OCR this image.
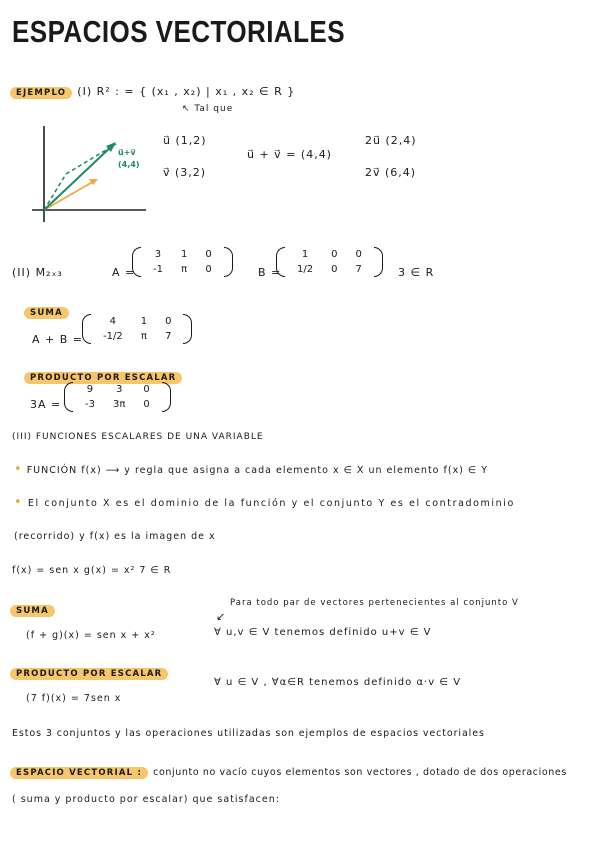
ESPACIOS VECTORIALES
EJEMPLO (I) R² : = { (x₁ , x₂) | x₁ , x₂ ∈ R }
↖ Tal que
u⃗+v⃗
(4,4)
u⃗ (1,2)
v⃗ (3,2)
u⃗ + v⃗ = (4,4)
2u⃗ (2,4)
2v⃗ (6,4)
(II) M₂ₓ₃	A =
3	1	0
-1	π	0	B =
1	0	0
1/2	0	7	3 ∈ R
SUMA
A + B =
4	1	0
-1/2	π	7
PRODUCTO POR ESCALAR
3A =
9	3	0
-3	3π	0
(III) FUNCIONES ESCALARES DE UNA VARIABLE
• FUNCIÓN f(x) ⟶ y regla que asigna a cada elemento x ∈ X un elemento f(x) ∈ Y
• El conjunto X es el dominio de la función y el conjunto Y es el contradominio
(recorrido) y f(x) es la imagen de x
f(x) = sen x g(x) = x² 7 ∈ R
SUMA
Para todo par de vectores pertenecientes al conjunto V
↙
(f + g)(x) = sen x + x²	∀ u,v ∈ V tenemos definido u+v ∈ V
PRODUCTO POR ESCALAR
(7 f)(x) = 7sen x
∀ u ∈ V , ∀α∈R tenemos definido α·v ∈ V
Estos 3 conjuntos y las operaciones utilizadas son ejemplos de espacios vectoriales
ESPACIO VECTORIAL : conjunto no vacío cuyos elementos son vectores , dotado de dos operaciones
( suma y producto por escalar) que satisfacen:
